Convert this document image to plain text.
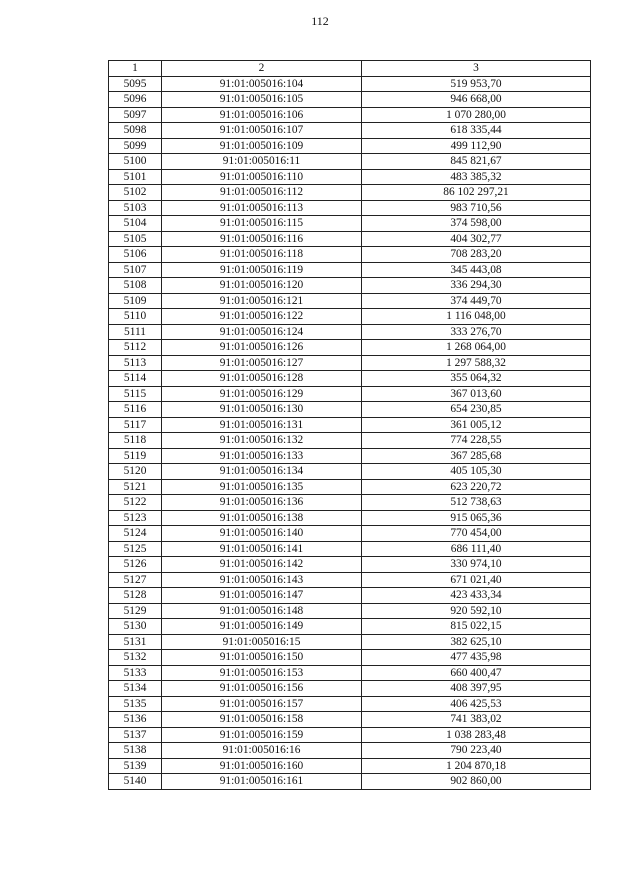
112
1	2	3
5095	91:01:005016:104	519 953,70
5096	91:01:005016:105	946 668,00
5097	91:01:005016:106	1 070 280,00
5098	91:01:005016:107	618 335,44
5099	91:01:005016:109	499 112,90
5100	91:01:005016:11	845 821,67
5101	91:01:005016:110	483 385,32
5102	91:01:005016:112	86 102 297,21
5103	91:01:005016:113	983 710,56
5104	91:01:005016:115	374 598,00
5105	91:01:005016:116	404 302,77
5106	91:01:005016:118	708 283,20
5107	91:01:005016:119	345 443,08
5108	91:01:005016:120	336 294,30
5109	91:01:005016:121	374 449,70
5110	91:01:005016:122	1 116 048,00
5111	91:01:005016:124	333 276,70
5112	91:01:005016:126	1 268 064,00
5113	91:01:005016:127	1 297 588,32
5114	91:01:005016:128	355 064,32
5115	91:01:005016:129	367 013,60
5116	91:01:005016:130	654 230,85
5117	91:01:005016:131	361 005,12
5118	91:01:005016:132	774 228,55
5119	91:01:005016:133	367 285,68
5120	91:01:005016:134	405 105,30
5121	91:01:005016:135	623 220,72
5122	91:01:005016:136	512 738,63
5123	91:01:005016:138	915 065,36
5124	91:01:005016:140	770 454,00
5125	91:01:005016:141	686 111,40
5126	91:01:005016:142	330 974,10
5127	91:01:005016:143	671 021,40
5128	91:01:005016:147	423 433,34
5129	91:01:005016:148	920 592,10
5130	91:01:005016:149	815 022,15
5131	91:01:005016:15	382 625,10
5132	91:01:005016:150	477 435,98
5133	91:01:005016:153	660 400,47
5134	91:01:005016:156	408 397,95
5135	91:01:005016:157	406 425,53
5136	91:01:005016:158	741 383,02
5137	91:01:005016:159	1 038 283,48
5138	91:01:005016:16	790 223,40
5139	91:01:005016:160	1 204 870,18
5140	91:01:005016:161	902 860,00
